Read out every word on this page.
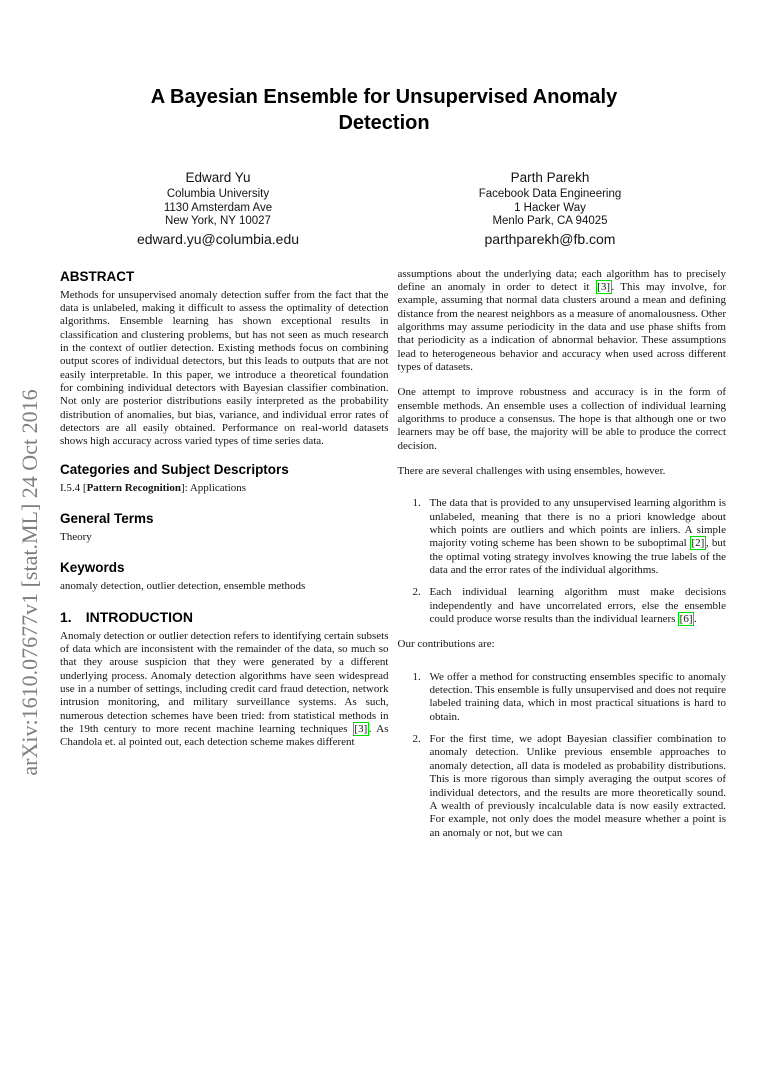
arXiv:1610.07677v1 [stat.ML] 24 Oct 2016
A Bayesian Ensemble for Unsupervised Anomaly Detection
Edward Yu
Columbia University
1130 Amsterdam Ave
New York, NY 10027
edward.yu@columbia.edu
Parth Parekh
Facebook Data Engineering
1 Hacker Way
Menlo Park, CA 94025
parthparekh@fb.com
ABSTRACT

Methods for unsupervised anomaly detection suffer from the fact that the data is unlabeled, making it difficult to assess the optimality of detection algorithms. Ensemble learning has shown exceptional results in classification and clustering problems, but has not seen as much research in the context of outlier detection. Existing methods focus on combining output scores of individual detectors, but this leads to outputs that are not easily interpretable. In this paper, we introduce a theoretical foundation for combining individual detectors with Bayesian classifier combination. Not only are posterior distributions easily interpreted as the probability distribution of anomalies, but bias, variance, and individual error rates of detectors are all easily obtained. Performance on real-world datasets shows high accuracy across varied types of time series data.

Categories and Subject Descriptors

I.5.4 [Pattern Recognition]: Applications

General Terms

Theory

Keywords

anomaly detection, outlier detection, ensemble methods

1. INTRODUCTION

Anomaly detection or outlier detection refers to identifying certain subsets of data which are inconsistent with the remainder of the data, so much so that they arouse suspicion that they were generated by a different underlying process. Anomaly detection algorithms have seen widespread use in a number of settings, including credit card fraud detection, network intrusion monitoring, and military surveillance systems. As such, numerous detection schemes have been tried: from statistical methods in the 19th century to more recent machine learning techniques [3] . As Chandola et. al pointed out, each detection scheme makes different

assumptions about the underlying data; each algorithm has to precisely define an anomaly in order to detect it [3] . This may involve, for example, assuming that normal data clusters around a mean and defining distance from the nearest neighbors as a measure of anomalousness. Other algorithms may assume periodicity in the data and use phase shifts from that periodicity as a indication of abnormal behavior. These assumptions lead to heterogeneous behavior and accuracy when used across different types of datasets.

One attempt to improve robustness and accuracy is in the form of ensemble methods. An ensemble uses a collection of individual learning algorithms to produce a consensus. The hope is that although one or two learners may be off base, the majority will be able to produce the correct decision.

There are several challenges with using ensembles, however.

1. The data that is provided to any unsupervised learning algorithm is unlabeled, meaning that there is no a priori knowledge about which points are outliers and which points are inliers. A simple majority voting scheme has been shown to be suboptimal [2] , but the optimal voting strategy involves knowing the true labels of the data and the error rates of the individual algorithms.
2. Each individual learning algorithm must make decisions independently and have uncorrelated errors, else the ensemble could produce worse results than the individual learners [6] .

Our contributions are:

1. We offer a method for constructing ensembles specific to anomaly detection. This ensemble is fully unsupervised and does not require labeled training data, which in most practical situations is hard to obtain.
2. For the first time, we adopt Bayesian classifier combination to anomaly detection. Unlike previous ensemble approaches to anomaly detection, all data is modeled as probability distributions. This is more rigorous than simply averaging the output scores of individual detectors, and the results are more theoretically sound. A wealth of previously incalculable data is now easily extracted. For example, not only does the model measure whether a point is an anomaly or not, but we can
